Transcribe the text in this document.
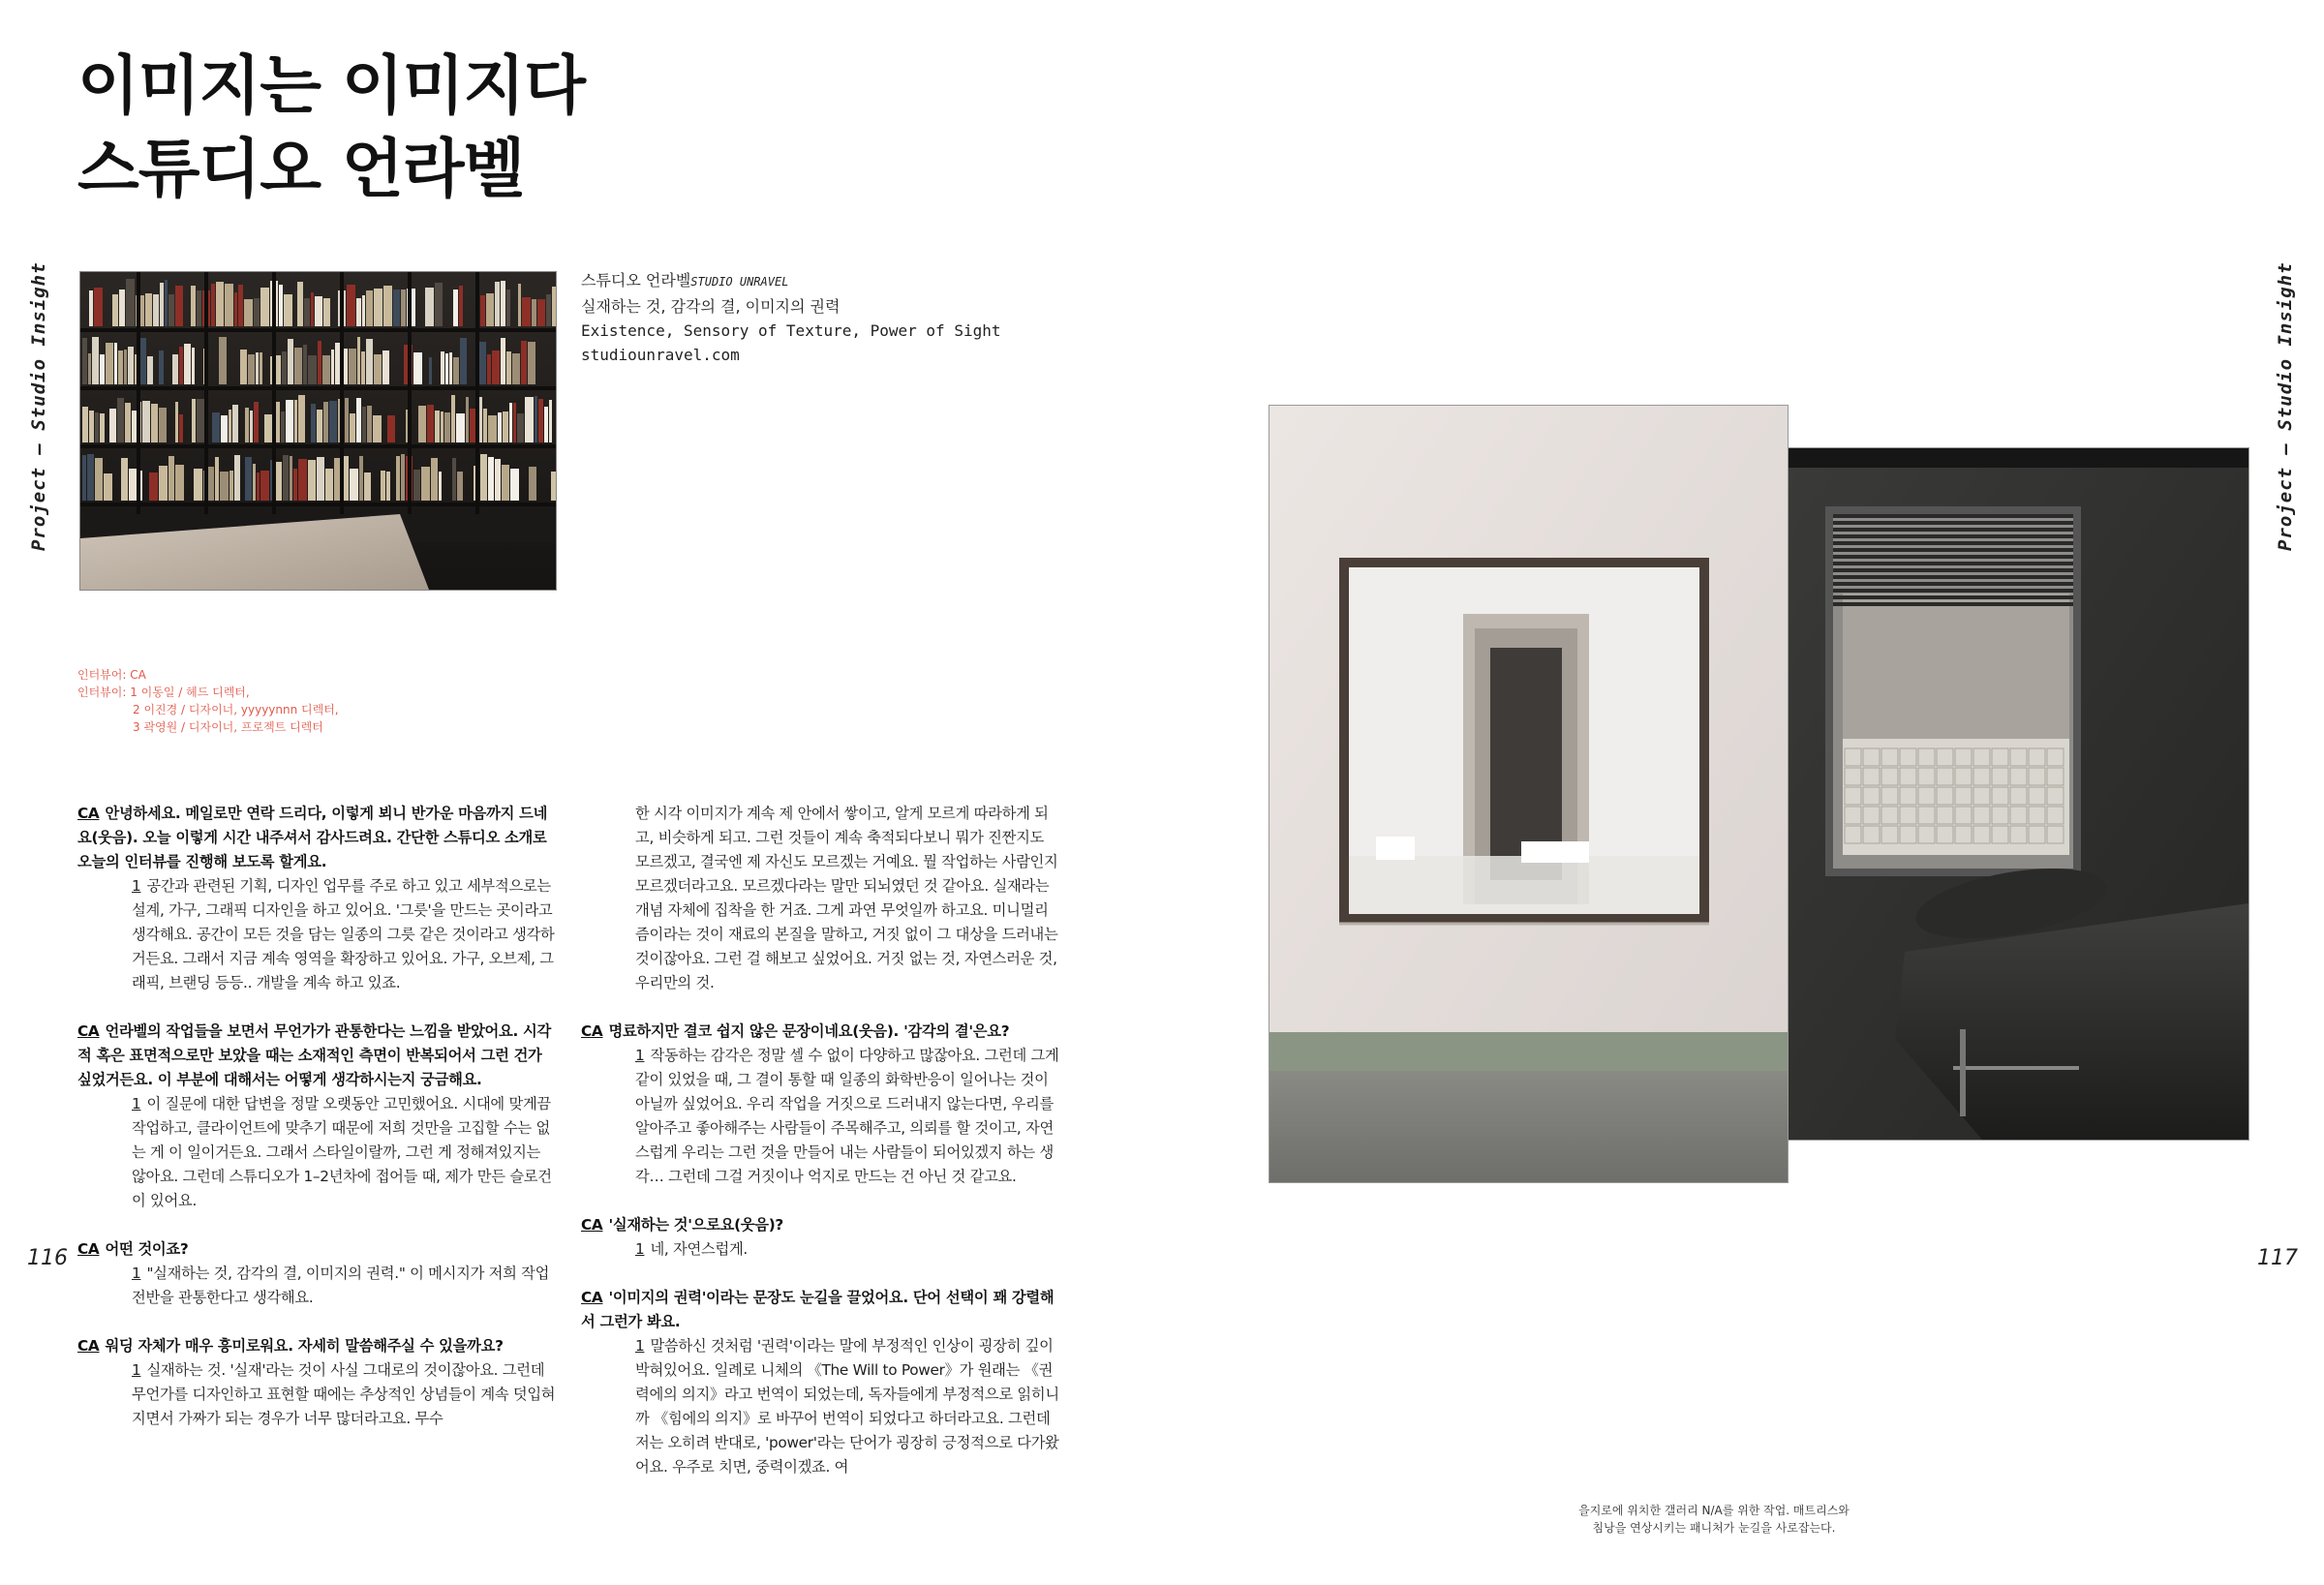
이미지는 이미지다
스튜디오 언라벨
Project — Studio Insight	Project — Studio Insight
116	117
스튜디오 언라벨STUDIO UNRAVEL
실재하는 것, 감각의 결, 이미지의 권력
Existence, Sensory of Texture, Power of Sight
studiounravel.com
인터뷰어: CA
인터뷰이: 1 이동일 / 헤드 디렉터,
2 이진경 / 디자이너, yyyyynnn 디렉터,
3 곽영원 / 디자이너, 프로젝트 디렉터

CA 안녕하세요. 메일로만 연락 드리다, 이렇게 뵈니 반가운 마음까지 드네요(웃음). 오늘 이렇게 시간 내주셔서 감사드려요. 간단한 스튜디오 소개로 오늘의 인터뷰를 진행해 보도록 할게요.

1 공간과 관련된 기획, 디자인 업무를 주로 하고 있고 세부적으로는 설계, 가구, 그래픽 디자인을 하고 있어요. '그릇'을 만드는 곳이라고 생각해요. 공간이 모든 것을 담는 일종의 그릇 같은 것이라고 생각하거든요. 그래서 지금 계속 영역을 확장하고 있어요. 가구, 오브제, 그래픽, 브랜딩 등등.. 개발을 계속 하고 있죠.

CA 언라벨의 작업들을 보면서 무언가가 관통한다는 느낌을 받았어요. 시각적 혹은 표면적으로만 보았을 때는 소재적인 측면이 반복되어서 그런 건가 싶었거든요. 이 부분에 대해서는 어떻게 생각하시는지 궁금해요.

1 이 질문에 대한 답변을 정말 오랫동안 고민했어요. 시대에 맞게끔 작업하고, 클라이언트에 맞추기 때문에 저희 것만을 고집할 수는 없는 게 이 일이거든요. 그래서 스타일이랄까, 그런 게 정해져있지는 않아요. 그런데 스튜디오가 1–2년차에 접어들 때, 제가 만든 슬로건이 있어요.

CA 어떤 것이죠?

1 "실재하는 것, 감각의 결, 이미지의 권력." 이 메시지가 저희 작업 전반을 관통한다고 생각해요.

CA 워딩 자체가 매우 흥미로워요. 자세히 말씀해주실 수 있을까요?

1 실재하는 것. '실재'라는 것이 사실 그대로의 것이잖아요. 그런데 무언가를 디자인하고 표현할 때에는 추상적인 상념들이 계속 덧입혀지면서 가짜가 되는 경우가 너무 많더라고요. 무수

한 시각 이미지가 계속 제 안에서 쌓이고, 알게 모르게 따라하게 되고, 비슷하게 되고. 그런 것들이 계속 축적되다보니 뭐가 진짠지도 모르겠고, 결국엔 제 자신도 모르겠는 거예요. 뭘 작업하는 사람인지 모르겠더라고요. 모르겠다라는 말만 되뇌였던 것 같아요. 실재라는 개념 자체에 집착을 한 거죠. 그게 과연 무엇일까 하고요. 미니멀리즘이라는 것이 재료의 본질을 말하고, 거짓 없이 그 대상을 드러내는 것이잖아요. 그런 걸 해보고 싶었어요. 거짓 없는 것, 자연스러운 것, 우리만의 것.

CA 명료하지만 결코 쉽지 않은 문장이네요(웃음). '감각의 결'은요?

1 작동하는 감각은 정말 셀 수 없이 다양하고 많잖아요. 그런데 그게 같이 있었을 때, 그 결이 통할 때 일종의 화학반응이 일어나는 것이 아닐까 싶었어요. 우리 작업을 거짓으로 드러내지 않는다면, 우리를 알아주고 좋아해주는 사람들이 주목해주고, 의뢰를 할 것이고, 자연스럽게 우리는 그런 것을 만들어 내는 사람들이 되어있겠지 하는 생각… 그런데 그걸 거짓이나 억지로 만드는 건 아닌 것 같고요.

CA '실재하는 것'으로요(웃음)?

1 네, 자연스럽게.

CA '이미지의 권력'이라는 문장도 눈길을 끌었어요. 단어 선택이 꽤 강렬해서 그런가 봐요.

1 말씀하신 것처럼 '권력'이라는 말에 부정적인 인상이 굉장히 깊이 박혀있어요. 일례로 니체의 《The Will to Power》가 원래는 《권력에의 의지》라고 번역이 되었는데, 독자들에게 부정적으로 읽히니까 《힘에의 의지》로 바꾸어 번역이 되었다고 하더라고요. 그런데 저는 오히려 반대로, 'power'라는 단어가 굉장히 긍정적으로 다가왔어요. 우주로 치면, 중력이겠죠. 여

을지로에 위치한 갤러리 N/A를 위한 작업. 매트리스와
침낭을 연상시키는 패니처가 눈길을 사로잡는다.
